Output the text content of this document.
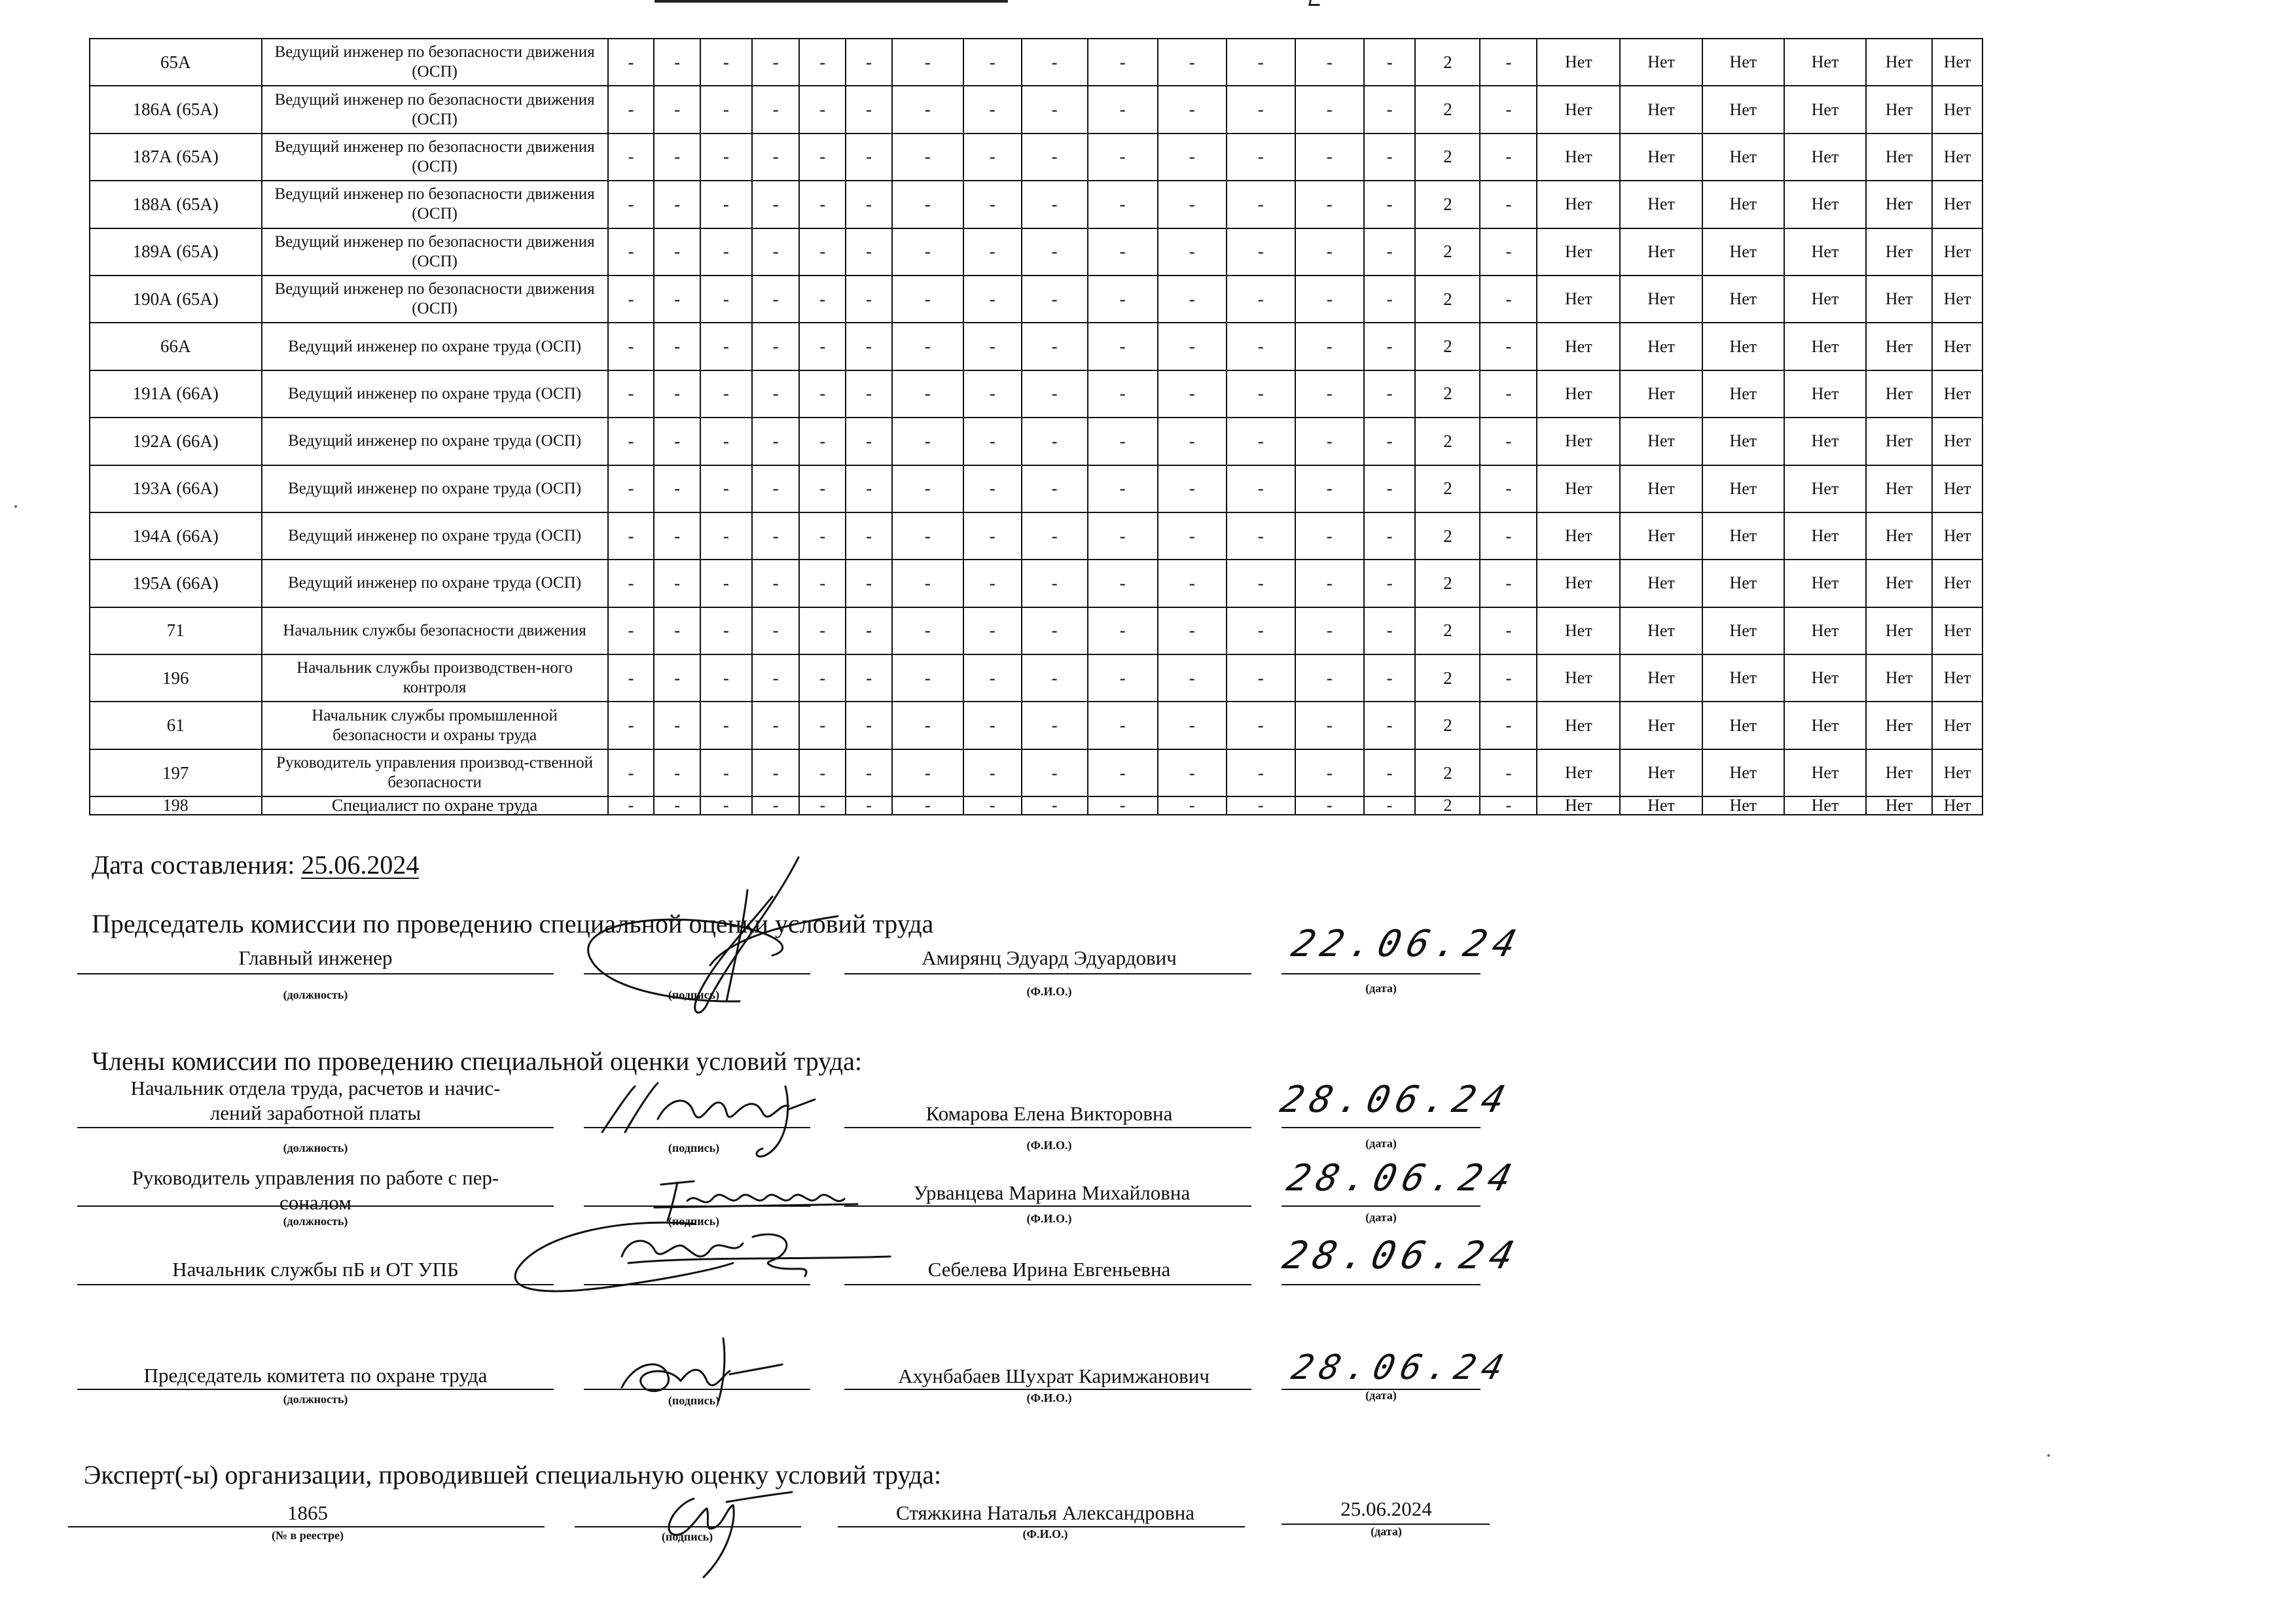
65A	Ведущий инженер по безопасности движения (ОСП)	-	-	-	-	-	-	-	-	-	-	-	-	-	-	2	-	Нет	Нет	Нет	Нет	Нет	Нет
186А (65А)	Ведущий инженер по безопасности движения (ОСП)	-	-	-	-	-	-	-	-	-	-	-	-	-	-	2	-	Нет	Нет	Нет	Нет	Нет	Нет
187А (65А)	Ведущий инженер по безопасности движения (ОСП)	-	-	-	-	-	-	-	-	-	-	-	-	-	-	2	-	Нет	Нет	Нет	Нет	Нет	Нет
188А (65А)	Ведущий инженер по безопасности движения (ОСП)	-	-	-	-	-	-	-	-	-	-	-	-	-	-	2	-	Нет	Нет	Нет	Нет	Нет	Нет
189А (65А)	Ведущий инженер по безопасности движения (ОСП)	-	-	-	-	-	-	-	-	-	-	-	-	-	-	2	-	Нет	Нет	Нет	Нет	Нет	Нет
190А (65А)	Ведущий инженер по безопасности движения (ОСП)	-	-	-	-	-	-	-	-	-	-	-	-	-	-	2	-	Нет	Нет	Нет	Нет	Нет	Нет
66А	Ведущий инженер по охране труда (ОСП)	-	-	-	-	-	-	-	-	-	-	-	-	-	-	2	-	Нет	Нет	Нет	Нет	Нет	Нет
191А (66А)	Ведущий инженер по охране труда (ОСП)	-	-	-	-	-	-	-	-	-	-	-	-	-	-	2	-	Нет	Нет	Нет	Нет	Нет	Нет
192А (66А)	Ведущий инженер по охране труда (ОСП)	-	-	-	-	-	-	-	-	-	-	-	-	-	-	2	-	Нет	Нет	Нет	Нет	Нет	Нет
193А (66А)	Ведущий инженер по охране труда (ОСП)	-	-	-	-	-	-	-	-	-	-	-	-	-	-	2	-	Нет	Нет	Нет	Нет	Нет	Нет
194А (66А)	Ведущий инженер по охране труда (ОСП)	-	-	-	-	-	-	-	-	-	-	-	-	-	-	2	-	Нет	Нет	Нет	Нет	Нет	Нет
195А (66А)	Ведущий инженер по охране труда (ОСП)	-	-	-	-	-	-	-	-	-	-	-	-	-	-	2	-	Нет	Нет	Нет	Нет	Нет	Нет
71	Начальник службы безопасности движения	-	-	-	-	-	-	-	-	-	-	-	-	-	-	2	-	Нет	Нет	Нет	Нет	Нет	Нет
196	Начальник службы производствен-ного контроля	-	-	-	-	-	-	-	-	-	-	-	-	-	-	2	-	Нет	Нет	Нет	Нет	Нет	Нет
61	Начальник службы промышленной безопасности и охраны труда	-	-	-	-	-	-	-	-	-	-	-	-	-	-	2	-	Нет	Нет	Нет	Нет	Нет	Нет
197	Руководитель управления производ-ственной безопасности	-	-	-	-	-	-	-	-	-	-	-	-	-	-	2	-	Нет	Нет	Нет	Нет	Нет	Нет
198	Специалист по охране труда	-	-	-	-	-	-	-	-	-	-	-	-	-	-	2	-	Нет	Нет	Нет	Нет	Нет	Нет
Дата составления: 25.06.2024
Председатель комиссии по проведению специальной оценки условий труда
Главный инженер	Амирянц Эдуард Эдуардович	22.06.24
(должность)	(подпись)	(Ф.И.О.)	(дата)
Члены комиссии по проведению специальной оценки условий труда:
Начальник отдела труда, расчетов и начис-
лений заработной платы	Комарова Елена Викторовна	28.06.24
(должность)	(подпись)	(Ф.И.О.)	(дата)
Руководитель управления по работе с пер-
соналом	Урванцева Марина Михайловна	28.06.24
(должность)	(подпись)	(Ф.И.О.)	(дата)
Начальник службы пБ и ОТ УПБ	Себелева Ирина Евгеньевна	28.06.24
Председатель комитета по охране труда	Ахунбабаев Шухрат Каримжанович 28.06.24
(должность)	(подпись)	(Ф.И.О.)	(дата)
Эксперт(-ы) организации, проводившей специальную оценку условий труда:
1865	Стяжкина Наталья Александровна	25.06.2024
(№ в реестре)	(подпись)	(Ф.И.О.)	(дата)
